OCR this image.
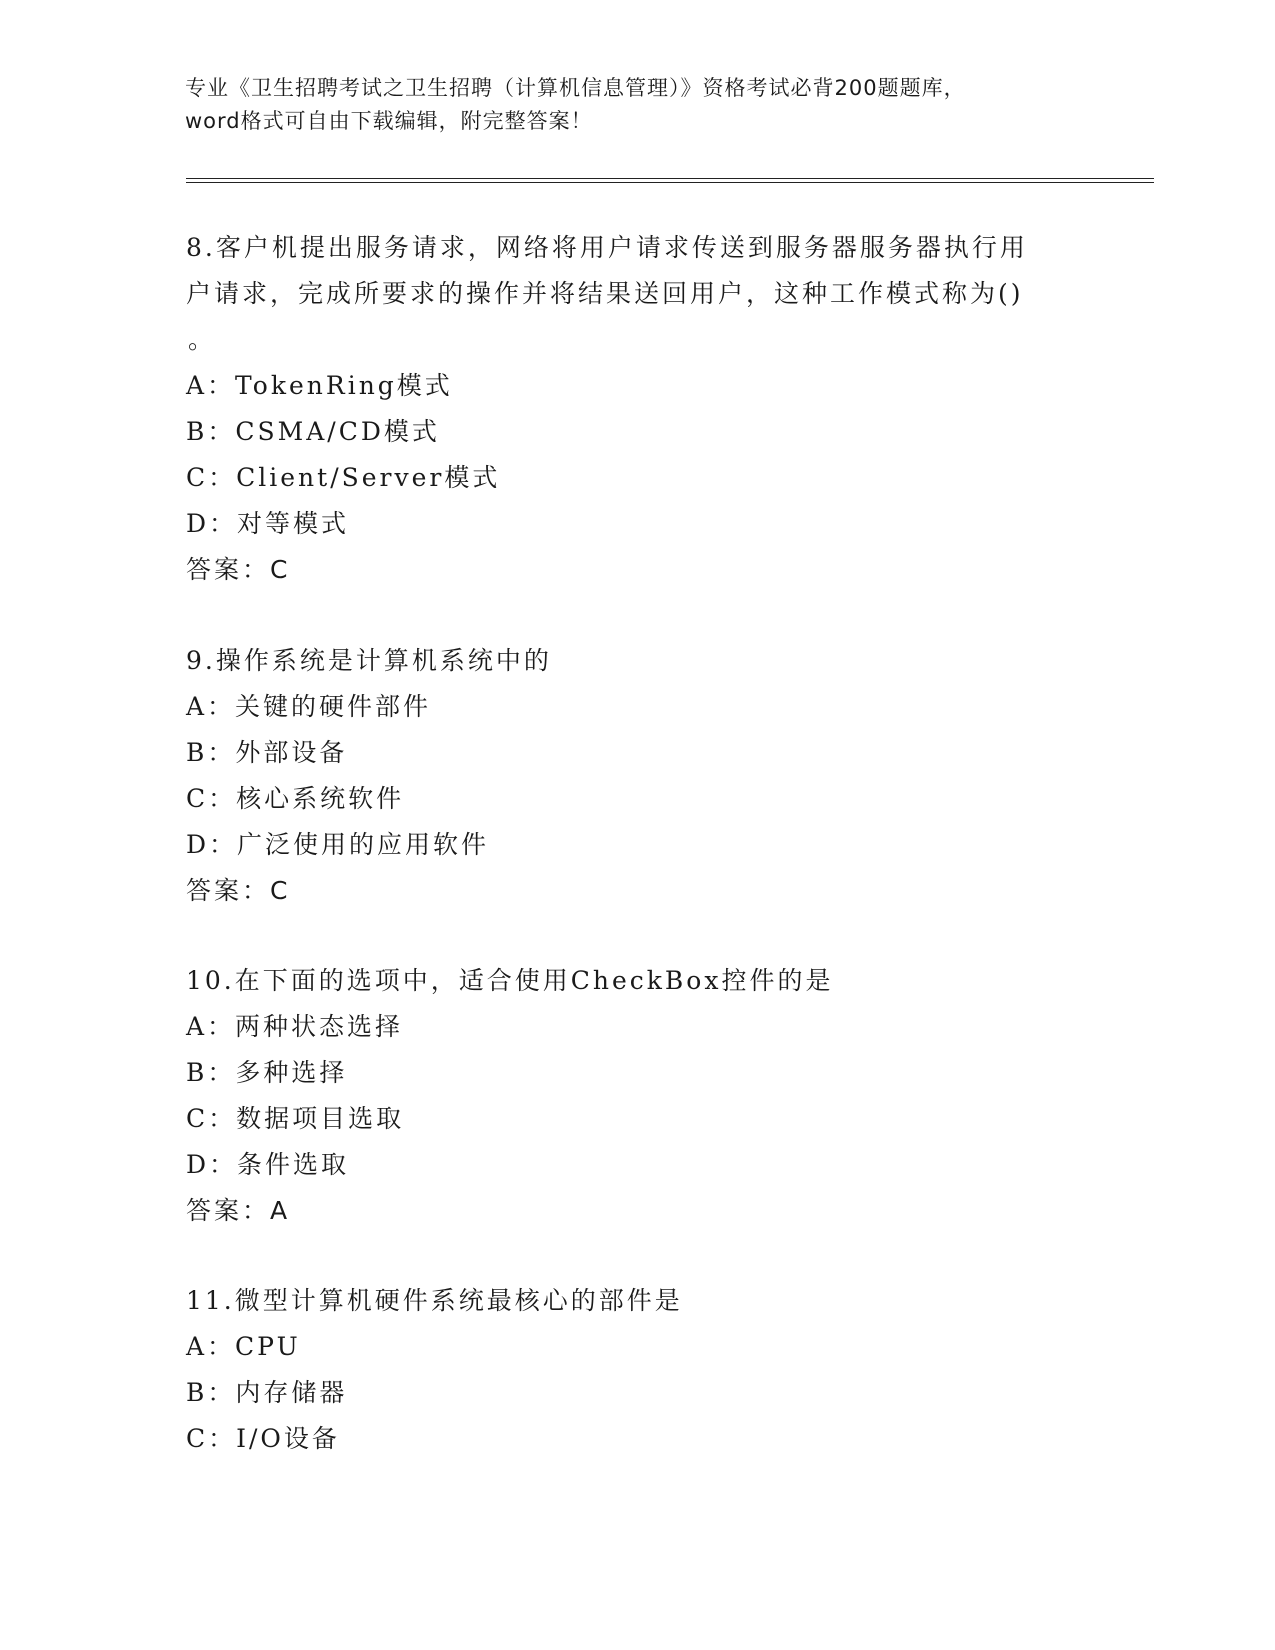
专业《卫生招聘考试之卫生招聘（计算机信息管理）》资格考试必背200题题库，
word格式可自由下载编辑，附完整答案！

8.客户机提出服务请求，网络将用户请求传送到服务器服务器执行用

户请求，完成所要求的操作并将结果送回用户，这种工作模式称为()

。

A：TokenRing模式

B：CSMA/CD模式

C：Client/Server模式

D：对等模式

答案：C

9.操作系统是计算机系统中的

A：关键的硬件部件

B：外部设备

C：核心系统软件

D：广泛使用的应用软件

答案：C

10.在下面的选项中，适合使用CheckBox控件的是

A：两种状态选择

B：多种选择

C：数据项目选取

D：条件选取

答案：A

11.微型计算机硬件系统最核心的部件是

A：CPU

B：内存储器

C：I/O设备
